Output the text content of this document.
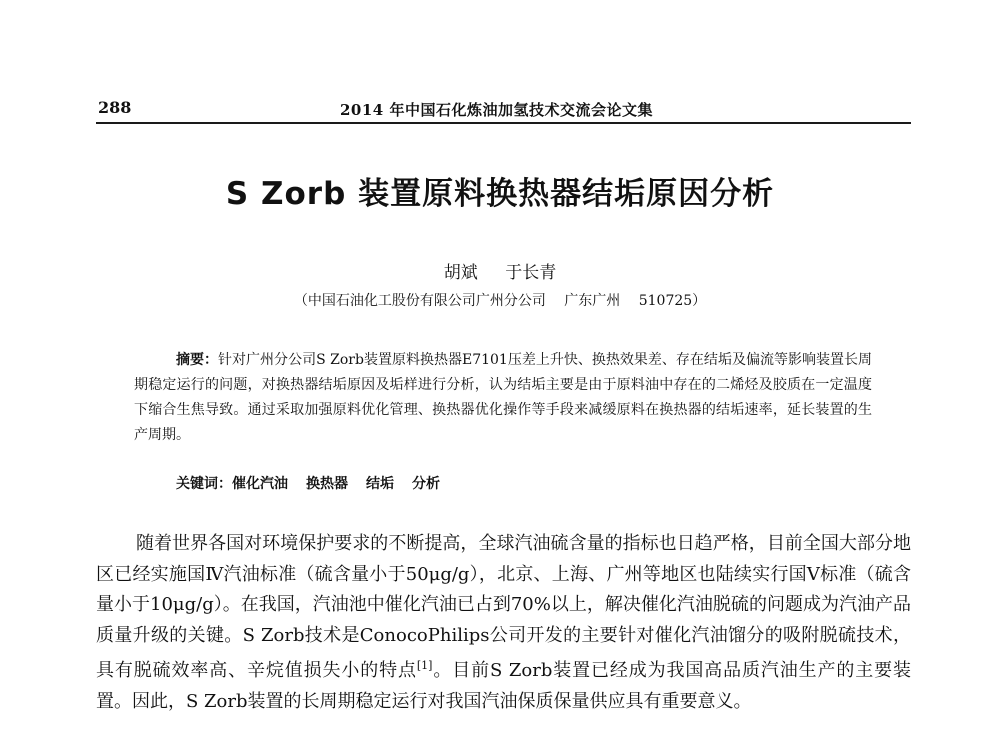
288	2014 年中国石化炼油加氢技术交流会论文集
S Zorb 装置原料换热器结垢原因分析
胡斌 于长青
（中国石油化工股份有限公司广州分公司　 广东广州　 510725）
摘要：针对广州分公司S Zorb装置原料换热器E7101压差上升快、换热效果差、存在结垢及偏流等影响装置长周期稳定运行的问题，对换热器结垢原因及垢样进行分析，认为结垢主要是由于原料油中存在的二烯烃及胶质在一定温度下缩合生焦导致。通过采取加强原料优化管理、换热器优化操作等手段来减缓原料在换热器的结垢速率，延长装置的生产周期。
关键词：催化汽油 换热器 结垢 分析
随着世界各国对环境保护要求的不断提高，全球汽油硫含量的指标也日趋严格，目前全国大部分地区已经实施国Ⅳ汽油标准（硫含量小于50μg/g），北京、上海、广州等地区也陆续实行国Ⅴ标准（硫含量小于10μg/g）。在我国，汽油池中催化汽油已占到70%以上，解决催化汽油脱硫的问题成为汽油产品质量升级的关键。S Zorb技术是ConocoPhilips公司开发的主要针对催化汽油馏分的吸附脱硫技术，具有脱硫效率高、辛烷值损失小的特点[1]。目前S Zorb装置已经成为我国高品质汽油生产的主要装置。因此，S Zorb装置的长周期稳定运行对我国汽油保质保量供应具有重要意义。
